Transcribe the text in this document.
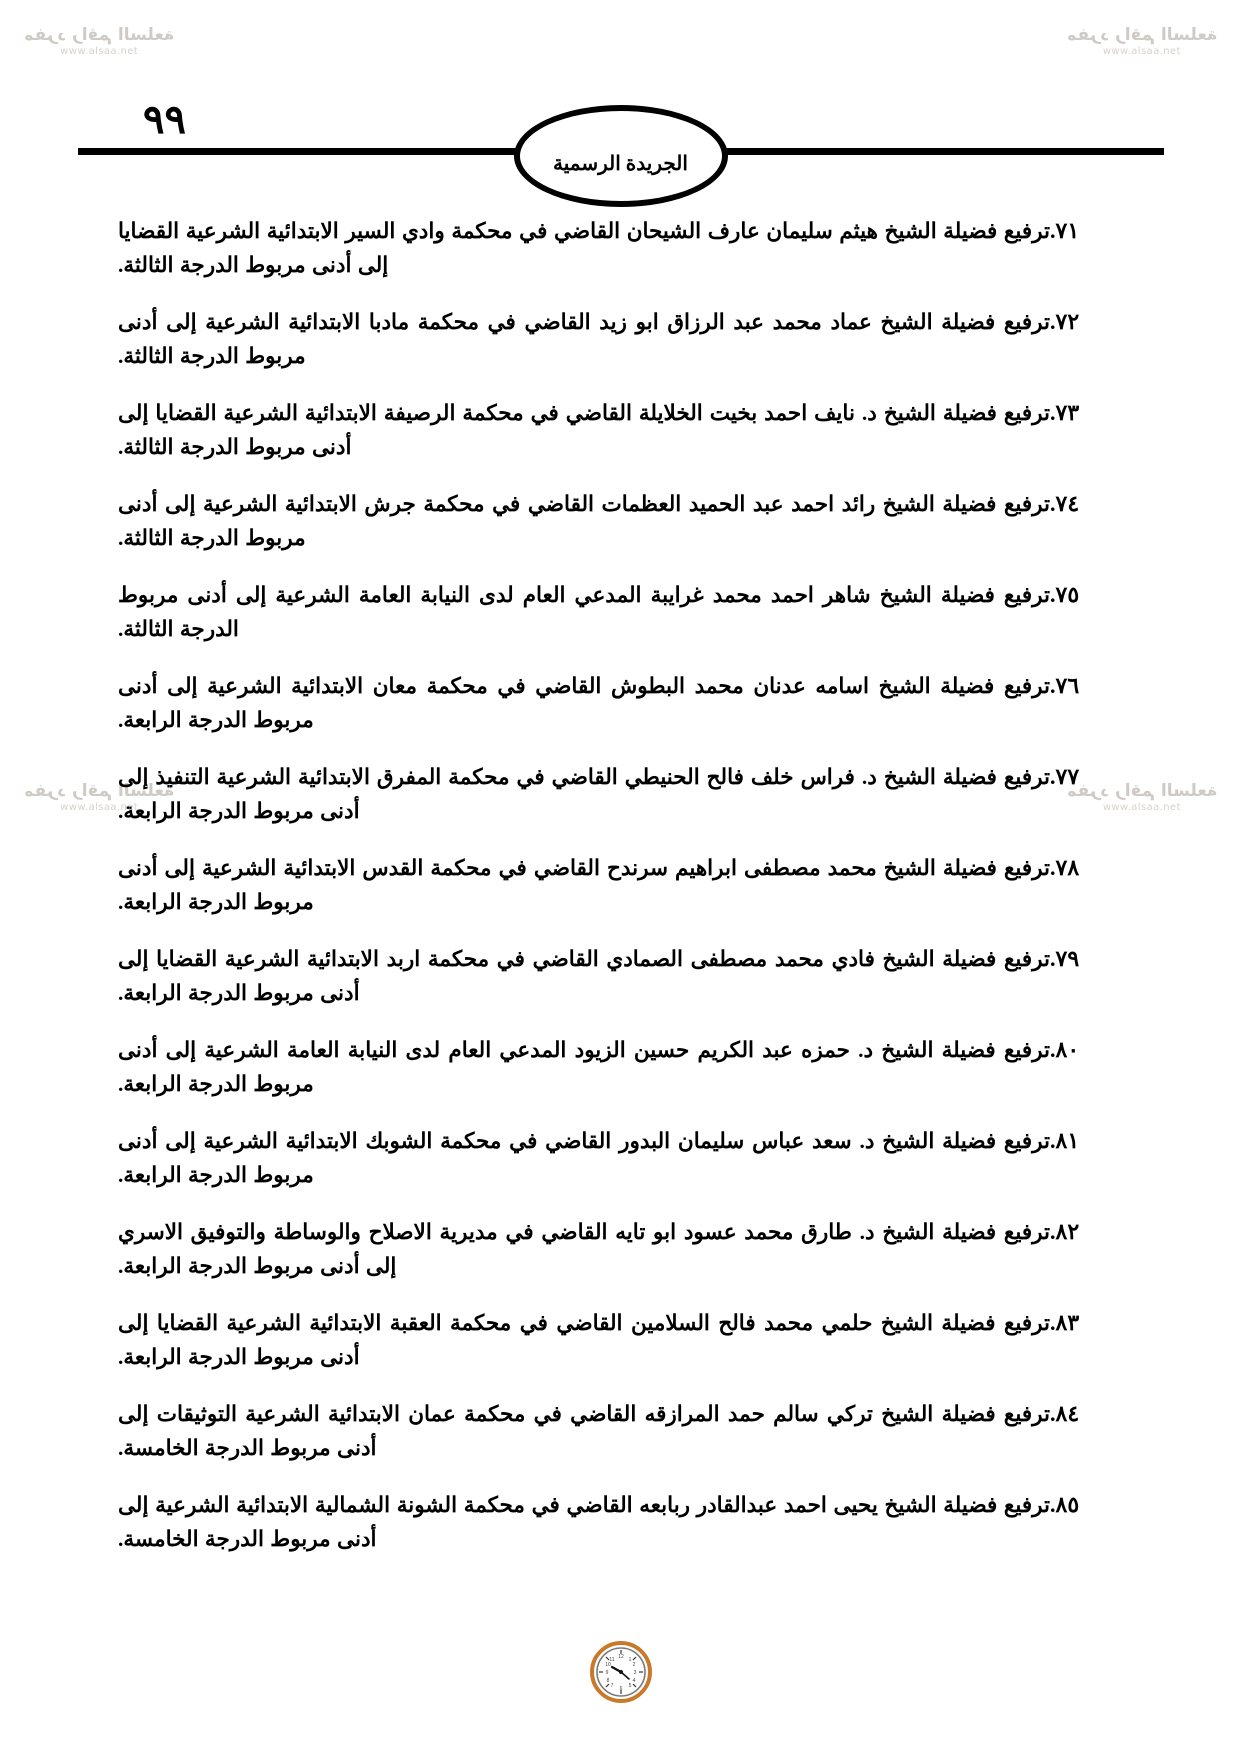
مفرد راقم السلعة
www.alsaa.net
مفرد راقم السلعة
www.alsaa.net
مفرد راقم السلعة
www.alsaa.net
مفرد راقم السلعة
www.alsaa.net
٩٩
الجريدة الرسمية
٧١.
ترفيع فضيلة الشيخ هيثم سليمان عارف الشيحان القاضي في محكمة وادي السير الابتدائية الشرعية القضايا إلى أدنى مربوط الدرجة الثالثة.
٧٢.
ترفيع فضيلة الشيخ عماد محمد عبد الرزاق ابو زيد القاضي في محكمة مادبا الابتدائية الشرعية إلى أدنى مربوط الدرجة الثالثة.
٧٣.
ترفيع فضيلة الشيخ د. نايف احمد بخيت الخلايلة القاضي في محكمة الرصيفة الابتدائية الشرعية القضايا إلى أدنى مربوط الدرجة الثالثة.
٧٤.
ترفيع فضيلة الشيخ رائد احمد عبد الحميد العظمات القاضي في محكمة جرش الابتدائية الشرعية إلى أدنى مربوط الدرجة الثالثة.
٧٥.
ترفيع فضيلة الشيخ شاهر احمد محمد غرايبة المدعي العام لدى النيابة العامة الشرعية إلى أدنى مربوط الدرجة الثالثة.
٧٦.
ترفيع فضيلة الشيخ اسامه عدنان محمد البطوش القاضي في محكمة معان الابتدائية الشرعية إلى أدنى مربوط الدرجة الرابعة.
٧٧.
ترفيع فضيلة الشيخ د. فراس خلف فالح الحنيطي القاضي في محكمة المفرق الابتدائية الشرعية التنفيذ إلى أدنى مربوط الدرجة الرابعة.
٧٨.
ترفيع فضيلة الشيخ محمد مصطفى ابراهيم سرندح القاضي في محكمة القدس الابتدائية الشرعية إلى أدنى مربوط الدرجة الرابعة.
٧٩.
ترفيع فضيلة الشيخ فادي محمد مصطفى الصمادي القاضي في محكمة اربد الابتدائية الشرعية القضايا إلى أدنى مربوط الدرجة الرابعة.
٨٠.
ترفيع فضيلة الشيخ د. حمزه عبد الكريم حسين الزيود المدعي العام لدى النيابة العامة الشرعية إلى أدنى مربوط الدرجة الرابعة.
٨١.
ترفيع فضيلة الشيخ د. سعد عباس سليمان البدور القاضي في محكمة الشوبك الابتدائية الشرعية إلى أدنى مربوط الدرجة الرابعة.
٨٢.
ترفيع فضيلة الشيخ د. طارق محمد عسود ابو تايه القاضي في مديرية الاصلاح والوساطة والتوفيق الاسري إلى أدنى مربوط الدرجة الرابعة.
٨٣.
ترفيع فضيلة الشيخ حلمي محمد فالح السلامين القاضي في محكمة العقبة الابتدائية الشرعية القضايا إلى أدنى مربوط الدرجة الرابعة.
٨٤.
ترفيع فضيلة الشيخ تركي سالم حمد المرازقه القاضي في محكمة عمان الابتدائية الشرعية التوثيقات إلى أدنى مربوط الدرجة الخامسة.
٨٥.
ترفيع فضيلة الشيخ يحيى احمد عبدالقادر ربابعه القاضي في محكمة الشونة الشمالية الابتدائية الشرعية إلى أدنى مربوط الدرجة الخامسة.
12
3
6
9
1
2
4
5
7
8
10
11
